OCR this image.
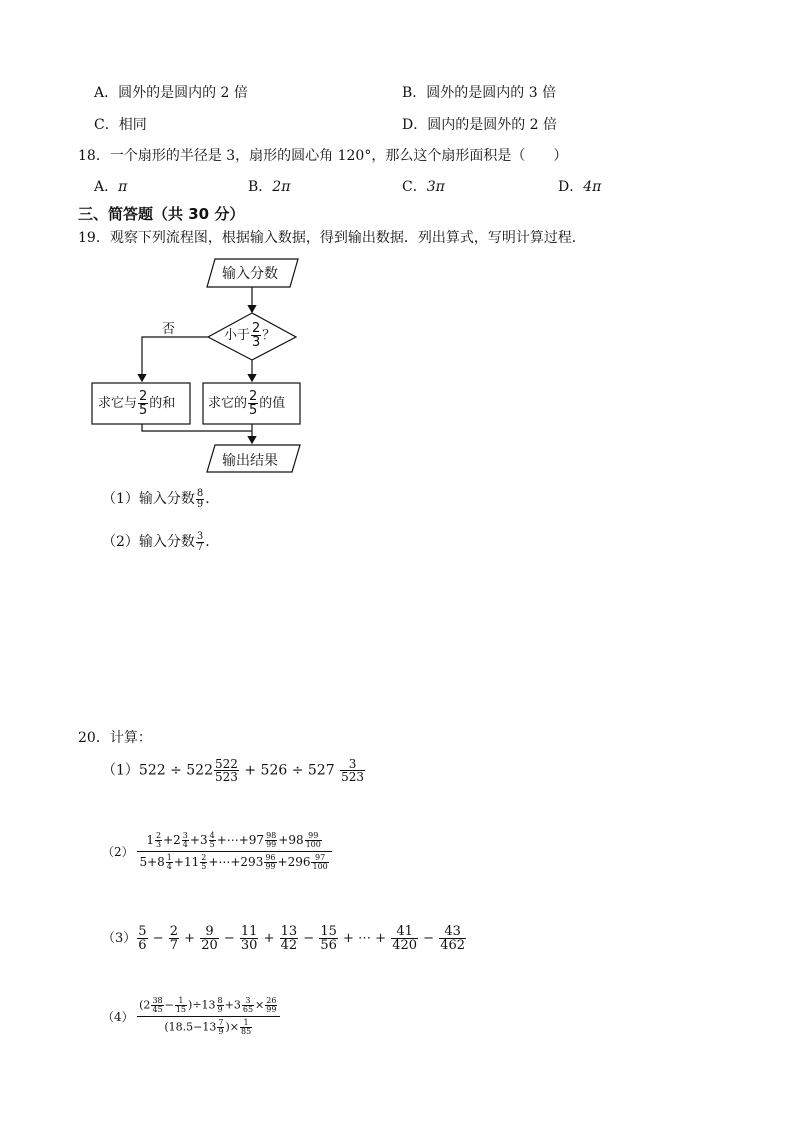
A．圆外的是圆内的 2 倍	B．圆外的是圆内的 3 倍
C．相同	D．圆内的是圆外的 2 倍
18．一个扇形的半径是 3，扇形的圆心角 120°，那么这个扇形面积是（　　）
A．π	B．2π	C．3π	D．4π
三、简答题（共 30 分）
19．观察下列流程图，根据输入数据，得到输出数据．列出算式，写明计算过程．
输入分数
小于 $\frac{2}{3}$ ？
否
求它与 $\frac{2}{5}$ 的和	求它的 $\frac{2}{5}$ 的值
输出结果
（1）输入分数 $\frac{8}{9}$ .
（2）输入分数 $\frac{3}{7}$ .
20．计算：
$(1)522 \div 522 \frac{522}{523} + 526 \div 527 \frac{3}{523}$
$(2) \frac{1 \frac{2}{3} +2 \frac{3}{4} +3 \frac{4}{5} +\cdots+97 \frac{98}{99} +98 \frac{99}{100}}{5+8 \frac{1}{4} +11 \frac{2}{5} +\cdots+293 \frac{96}{99} +296 \frac{97}{100}}$
$(3) \frac{5}{6} - \frac{2}{7} + \frac{9}{20} - \frac{11}{30} + \frac{13}{42} - \frac{15}{56}$ + ⋯ + $\frac{41}{420} - \frac{43}{462}$
$(4) \frac{(2 \frac{38}{45} - \frac{1}{15} )\div 13 \frac{8}{9} +3 \frac{3}{65} \times \frac{26}{99}}{(18.5-13 \frac{7}{9} )\times \frac{1}{85}}$
